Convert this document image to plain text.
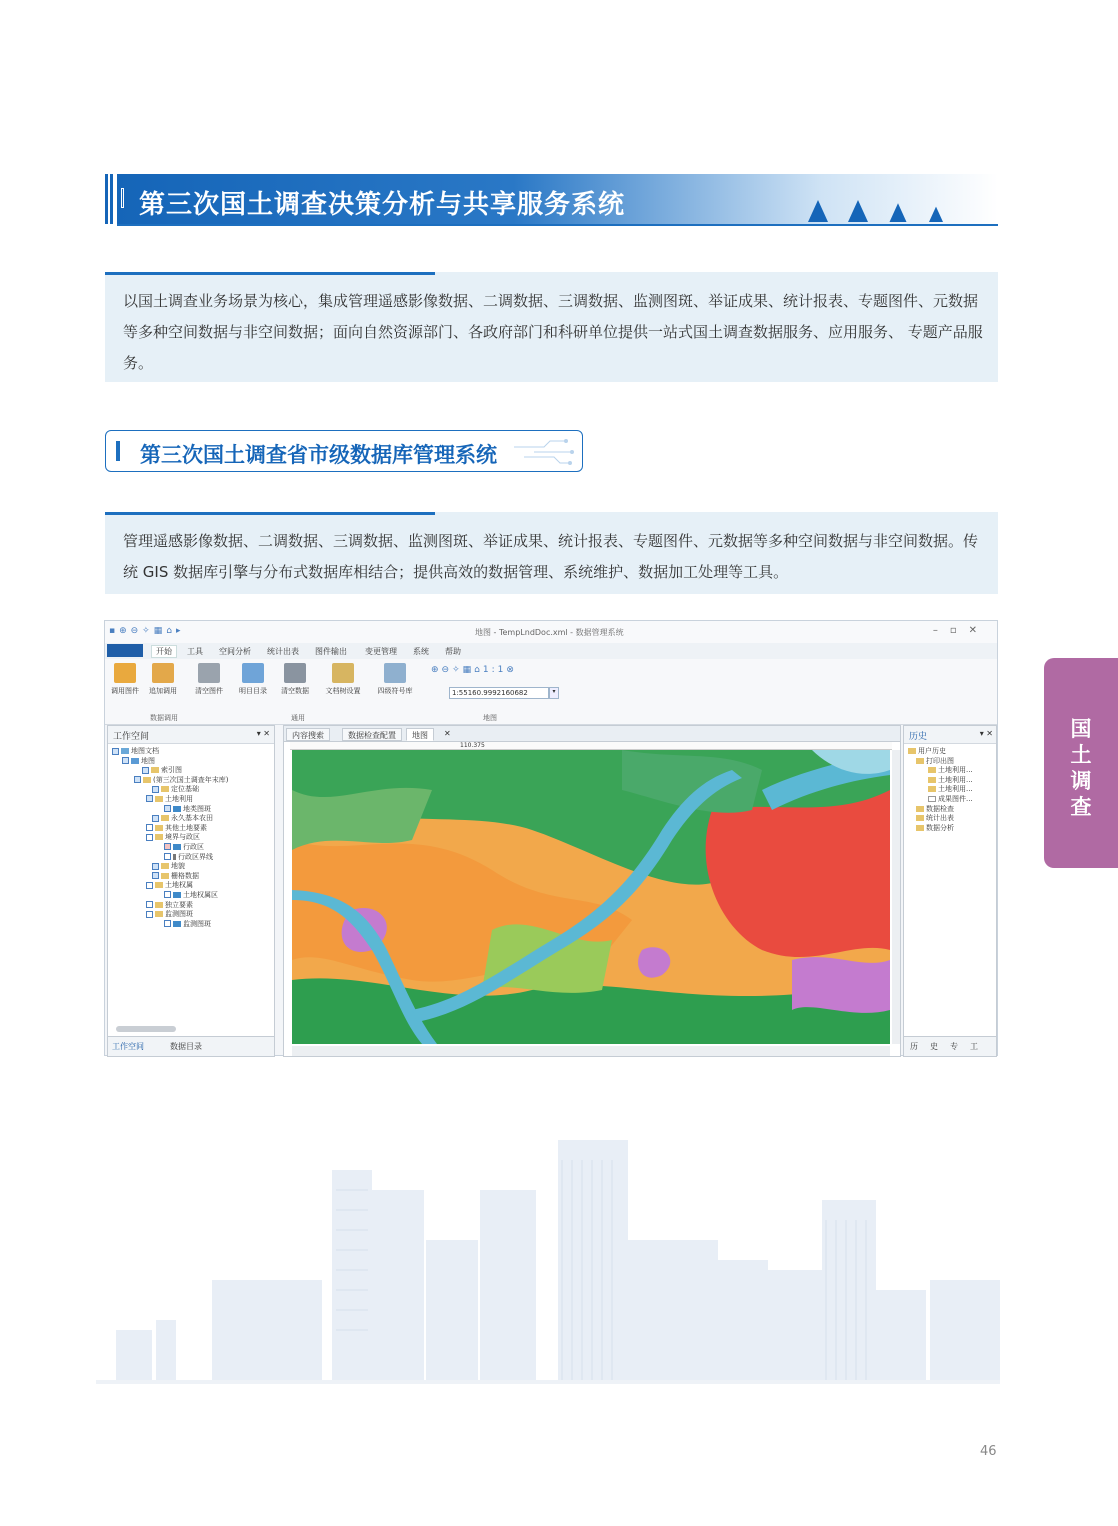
第三次国土调查决策分析与共享服务系统
以国土调查业务场景为核心，集成管理遥感影像数据、二调数据、三调数据、监测图斑、举证成果、统计报表、专题图件、元数据等多种空间数据与非空间数据；面向自然资源部门、各政府部门和科研单位提供一站式国土调查数据服务、应用服务、 专题产品服务。
第三次国土调查省市级数据库管理系统
管理遥感影像数据、二调数据、三调数据、监测图斑、举证成果、统计报表、专题图件、元数据等多种空间数据与非空间数据。传统 GIS 数据库引擎与分布式数据库相结合；提供高效的数据管理、系统维护、数据加工处理等工具。
▪⊕⊖✧▦⌂▸	地图 - TempLndDoc.xml - 数据管理系统	–▫✕
开始	工具 空间分析 统计出表 图件输出 变更管理 系统 帮助
调用图件	追加调用	清空图件	明目目录	清空数据	文档树设置	四级符号库
⊕⊖✧▦⌂1:1⊗
1:55160.9992160682	▾
数据调用	通用	地图
工作空间	▾ ✕
地图文档
地图
索引图
(第三次国土调查年末库)
定位基础
土地利用
地类图斑
永久基本农田
其他土地要素
境界与政区
行政区
行政区界线
地貌
栅格数据
土地权属
土地权属区
独立要素
监测图斑
监测图斑
工作空间	数据目录
内容搜索	数据检查配置	地图	✕
110.375
历史	▾ ✕
用户历史
打印出图
土地利用...
土地利用...
土地利用...
成果图件...
数据检查
统计出表
数据分析
历 史 专 工
国土调查
46
